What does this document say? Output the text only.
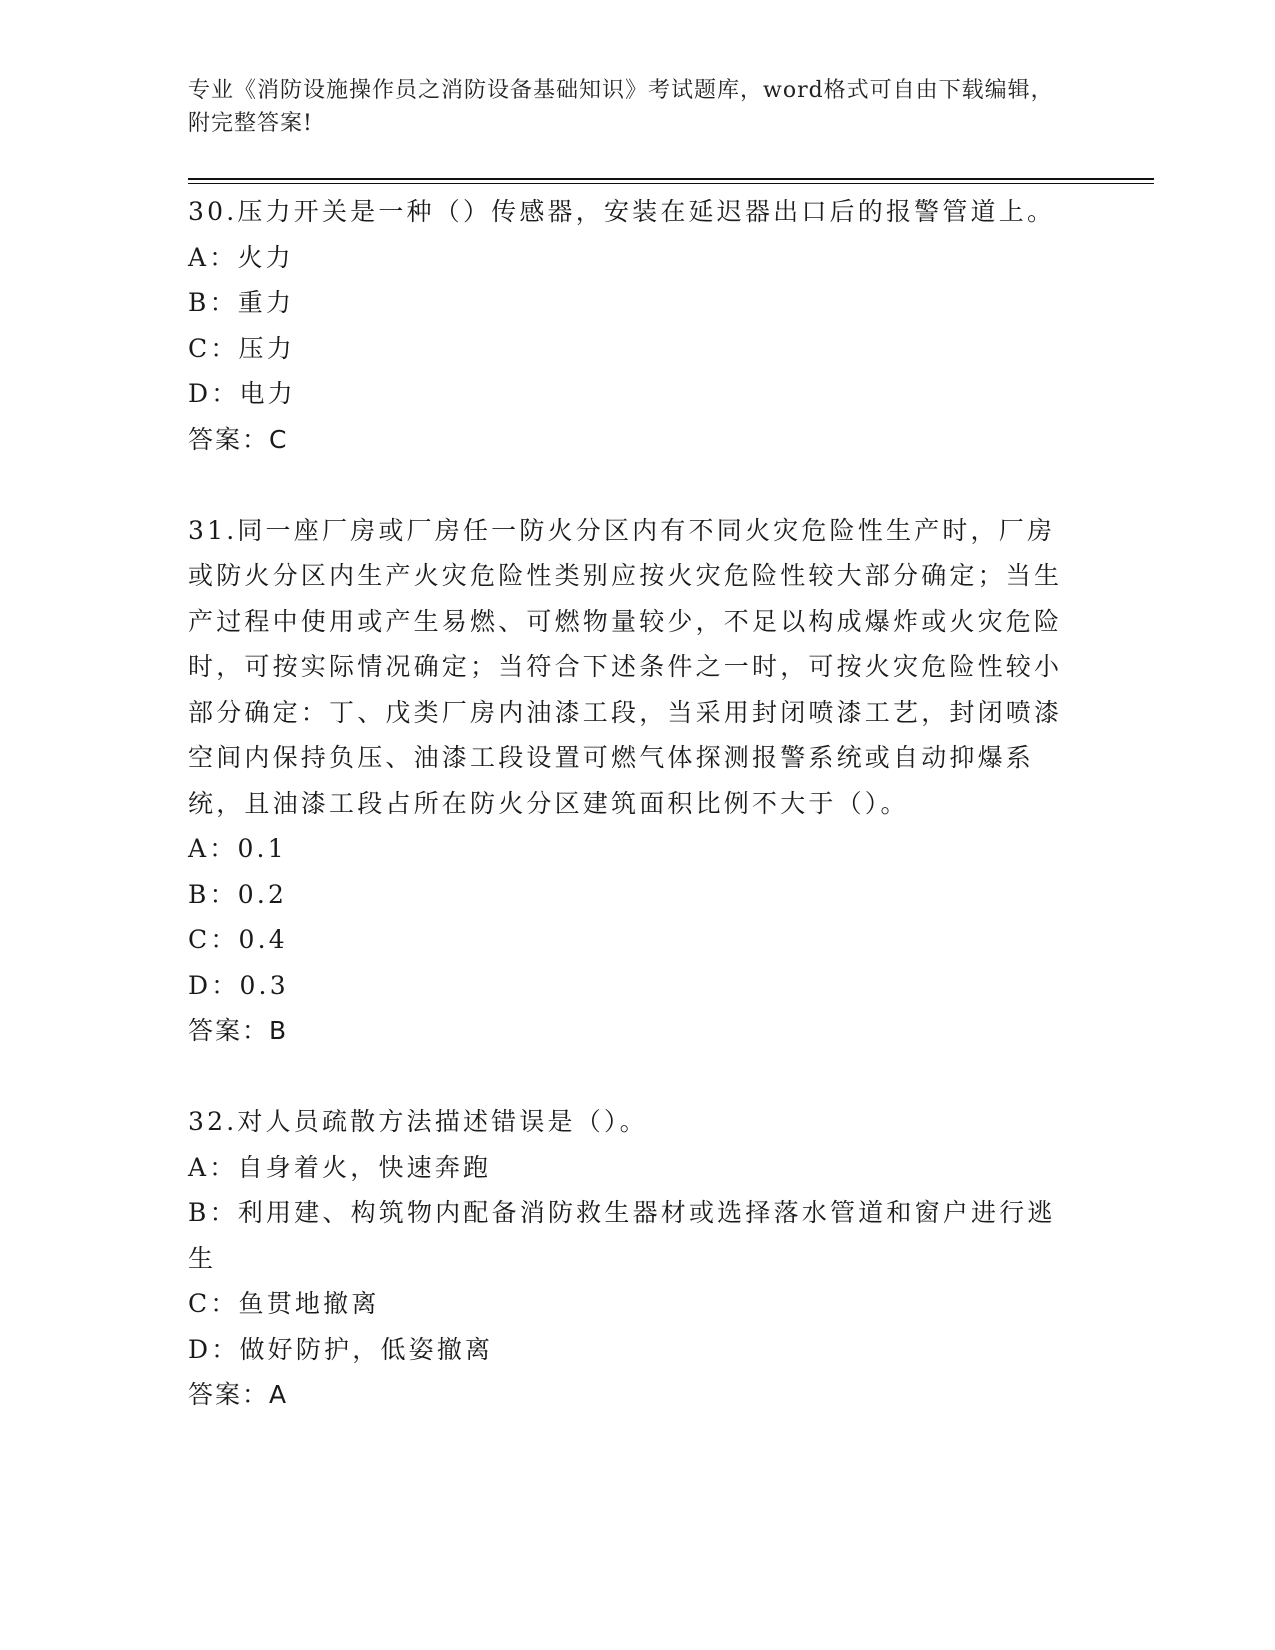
专业《消防设施操作员之消防设备基础知识》考试题库，word格式可自由下载编辑，附完整答案!
30.压力开关是一种（）传感器，安装在延迟器出口后的报警管道上。
A：火力
B：重力
C：压力
D：电力
答案：C
31.同一座厂房或厂房任一防火分区内有不同火灾危险性生产时，厂房或防火分区内生产火灾危险性类别应按火灾危险性较大部分确定；当生产过程中使用或产生易燃、可燃物量较少，不足以构成爆炸或火灾危险时，可按实际情况确定；当符合下述条件之一时，可按火灾危险性较小部分确定：丁、戊类厂房内油漆工段，当采用封闭喷漆工艺，封闭喷漆空间内保持负压、油漆工段设置可燃气体探测报警系统或自动抑爆系统，且油漆工段占所在防火分区建筑面积比例不大于（）。
A：0.1
B：0.2
C：0.4
D：0.3
答案：B
32.对人员疏散方法描述错误是（）。
A：自身着火，快速奔跑
B：利用建、构筑物内配备消防救生器材或选择落水管道和窗户进行逃生
C：鱼贯地撤离
D：做好防护，低姿撤离
答案：A
